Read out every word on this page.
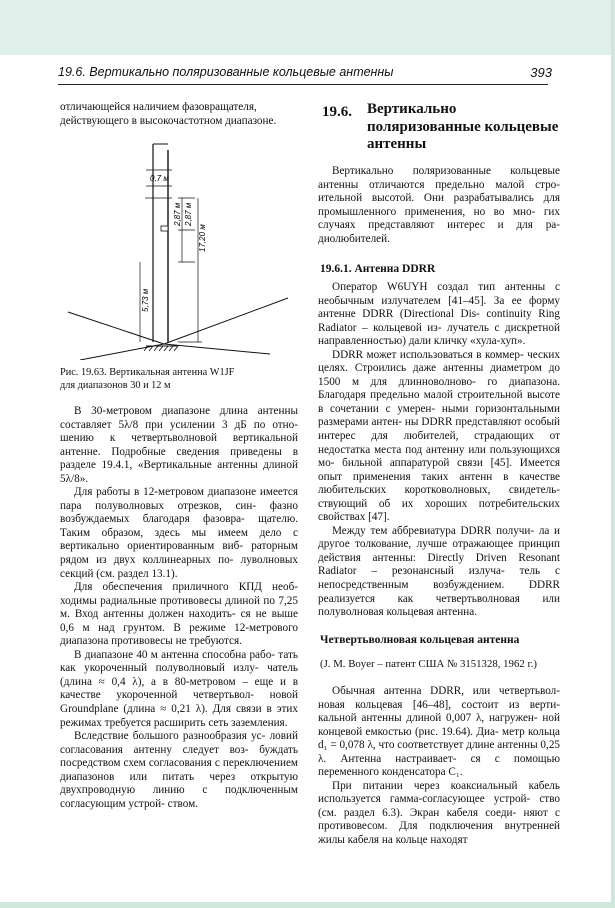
19.6. Вертикально поляризованные кольцевые антенны	393

отличающейся наличием фазовращателя,

действующего в высокочастотном диапазоне.

0,7 м
2,87 м 2,87 м
17,20 м
5,73 м
Рис. 19.63. Вертикальная антенна W1JF
для диапазонов 30 и 12 м

В 30-метровом диапазоне длина антенны составляет 5λ/8 при усилении 3 дБ по отно- шению к четвертьволновой вертикальной антенне. Подробные сведения приведены в разделе 19.4.1, «Вертикальные антенны длиной 5λ/8».

Для работы в 12-метровом диапазоне имеется пара полуволновых отрезков, син- фазно возбуждаемых благодаря фазовра- щателю. Таким образом, здесь мы имеем дело с вертикально ориентированным виб- раторным рядом из двух коллинеарных по- луволновых секций (см. раздел 13.1).

Для обеспечения приличного КПД необ- ходимы радиальные противовесы длиной по 7,25 м. Вход антенны должен находить- ся не выше 0,6 м над грунтом. В режиме 12-метрового диапазона противовесы не требуются.

В диапазоне 40 м антенна способна рабо- тать как укороченный полуволновый излу- чатель (длина ≈ 0,4 λ), а в 80-метровом – еще и в качестве укороченной четвертьвол- новой Groundplane (длина ≈ 0,21 λ). Для связи в этих режимах требуется расширить сеть заземления.

Вследствие большого разнообразия ус- ловий согласования антенну следует воз- буждать посредством схем согласования с переключением диапазонов или питать через открытую двухпроводную линию с подключенным согласующим устрой- ством.

19.6. Вертикально
поляризованные кольцевые
антенны

Вертикально поляризованные кольцевые антенны отличаются предельно малой стро- ительной высотой. Они разрабатывались для промышленного применения, но во мно- гих случаях представляют интерес и для ра- диолюбителей.

19.6.1. Антенна DDRR

Оператор W6UYH создал тип антенны с необычным излучателем [41–45]. За ее форму антенне DDRR (Directional Dis- continuity Ring Radiator – кольцевой из- лучатель с дискретной направленностью) дали кличку «хула-хуп».

DDRR может использоваться в коммер- ческих целях. Строились даже антенны диаметром до 1500 м для длинноволново- го диапазона. Благодаря предельно малой строительной высоте в сочетании с умерен- ными горизонтальными размерами антен- ны DDRR представляют особый интерес для любителей, страдающих от недостатка места под антенну или пользующихся мо- бильной аппаратурой связи [45]. Имеется опыт применения таких антенн в качестве любительских коротковолновых, свидетель- ствующий об их хороших потребительских свойствах [47].

Между тем аббревиатура DDRR получи- ла и другое толкование, лучше отражающее принцип действия антенны: Directly Driven Resonant Radiator – резонансный излуча- тель с непосредственным возбуждением. DDRR реализуется как четвертьволновая или полуволновая кольцевая антенна.

Четвертьволновая кольцевая антенна
(J. M. Boyer – патент США № 3151328, 1962 г.)

Обычная антенна DDRR, или четвертьвол- новая кольцевая [46–48], состоит из верти- кальной антенны длиной 0,007 λ, нагружен- ной концевой емкостью (рис. 19.64). Диа- метр кольца d₁ = 0,078 λ, что соответствует длине антенны 0,25 λ. Антенна настраивает- ся с помощью переменного конденсатора C₁.

При питании через коаксиальный кабель используется гамма-согласующее устрой- ство (см. раздел 6.3). Экран кабеля соеди- няют с противовесом. Для подключения внутренней жилы кабеля на кольце находят
